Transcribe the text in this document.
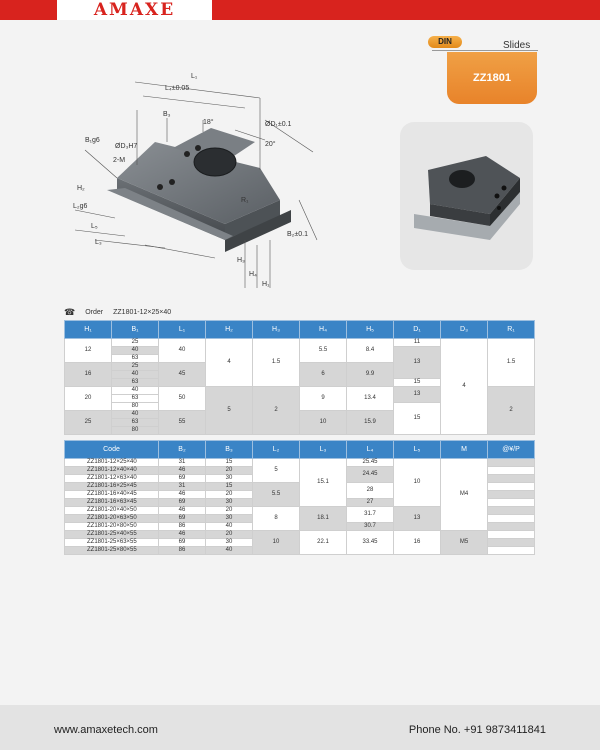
AMAXE
DIN	Slides
ZZ1801
L₁
L₄±0.05
B₃
18°	ØD₁±0.1
B₁g6
ØD₃H7
2-M
20°
R₁
H₂
L₂g6
L₅
L₃
B₂±0.1
H₃
H₄
H₁
☎ Order ZZ1801-12×25×40
H₁	B₁	L₁	H₂	H₃	H₄	H₅	D₁	D₃	R₁
12	25	40	4	1.5	5.5	8.4	11	4	1.5
	40						13		
	63								
16	25	45			6	9.9			
	40								
	63						15		
20	40	50	5	2	9	13.4	13		2
	63								
	80						15		
25	40	55			10	15.9			
	63								
	80								
Code	B₂	B₃	L₂	L₃	L₄	L₅	M	@¥/P
ZZ1801-12×25×40	31	15	5	15.1	25.45	10	M4	
ZZ1801-12×40×40	46	20			24.45			
ZZ1801-12×63×40	69	30						
ZZ1801-16×25×45	31	15	5.5		28			
ZZ1801-16×40×45	46	20						
ZZ1801-16×63×45	69	30			27			
ZZ1801-20×40×50	46	20	8	18.1	31.7	13		
ZZ1801-20×63×50	69	30						
ZZ1801-20×80×50	86	40			30.7			
ZZ1801-25×40×55	46	20	10	22.1	33.45	16	M5	
ZZ1801-25×63×55	69	30						
ZZ1801-25×80×55	86	40						
www.amaxetech.com	Phone No. +91 9873411841
